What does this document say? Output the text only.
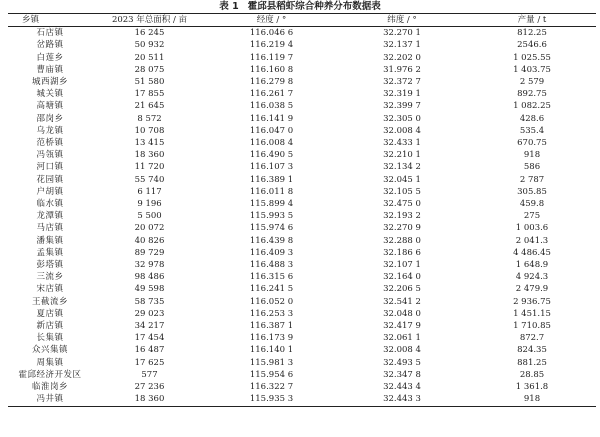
表 1 霍邱县稻虾综合种养分布数据表
乡镇	2023 年总面积 / 亩	经度 / °	纬度 / °	产量 / t
石店镇	16 245	116.046 6	32.270 1	812.25
岔路镇	50 932	116.219 4	32.137 1	2546.6
白莲乡	20 511	116.119 7	32.202 0	1 025.55
曹庙镇	28 075	116.160 8	31.976 2	1 403.75
城西湖乡	51 580	116.279 8	32.372 7	2 579
城关镇	17 855	116.261 7	32.319 1	892.75
高塘镇	21 645	116.038 5	32.399 7	1 082.25
邵岗乡	8 572	116.141 9	32.305 0	428.6
乌龙镇	10 708	116.047 0	32.008 4	535.4
范桥镇	13 415	116.008 4	32.433 1	670.75
冯瓴镇	18 360	116.490 5	32.210 1	918
河口镇	11 720	116.107 3	32.134 2	586
花园镇	55 740	116.389 1	32.045 1	2 787
户胡镇	6 117	116.011 8	32.105 5	305.85
临水镇	9 196	115.899 4	32.475 0	459.8
龙潭镇	5 500	115.993 5	32.193 2	275
马店镇	20 072	115.974 6	32.270 9	1 003.6
潘集镇	40 826	116.439 8	32.288 0	2 041.3
孟集镇	89 729	116.409 3	32.186 6	4 486.45
彭塔镇	32 978	116.488 3	32.107 1	1 648.9
三流乡	98 486	116.315 6	32.164 0	4 924.3
宋店镇	49 598	116.241 5	32.206 5	2 479.9
王截流乡	58 735	116.052 0	32.541 2	2 936.75
夏店镇	29 023	116.253 3	32.048 0	1 451.15
新店镇	34 217	116.387 1	32.417 9	1 710.85
长集镇	17 454	116.173 9	32.061 1	872.7
众兴集镇	16 487	116.140 1	32.008 4	824.35
周集镇	17 625	115.981 3	32.493 5	881.25
霍邱经济开发区	577	115.954 6	32.347 8	28.85
临淮岗乡	27 236	116.322 7	32.443 4	1 361.8
冯井镇	18 360	115.935 3	32.443 3	918
